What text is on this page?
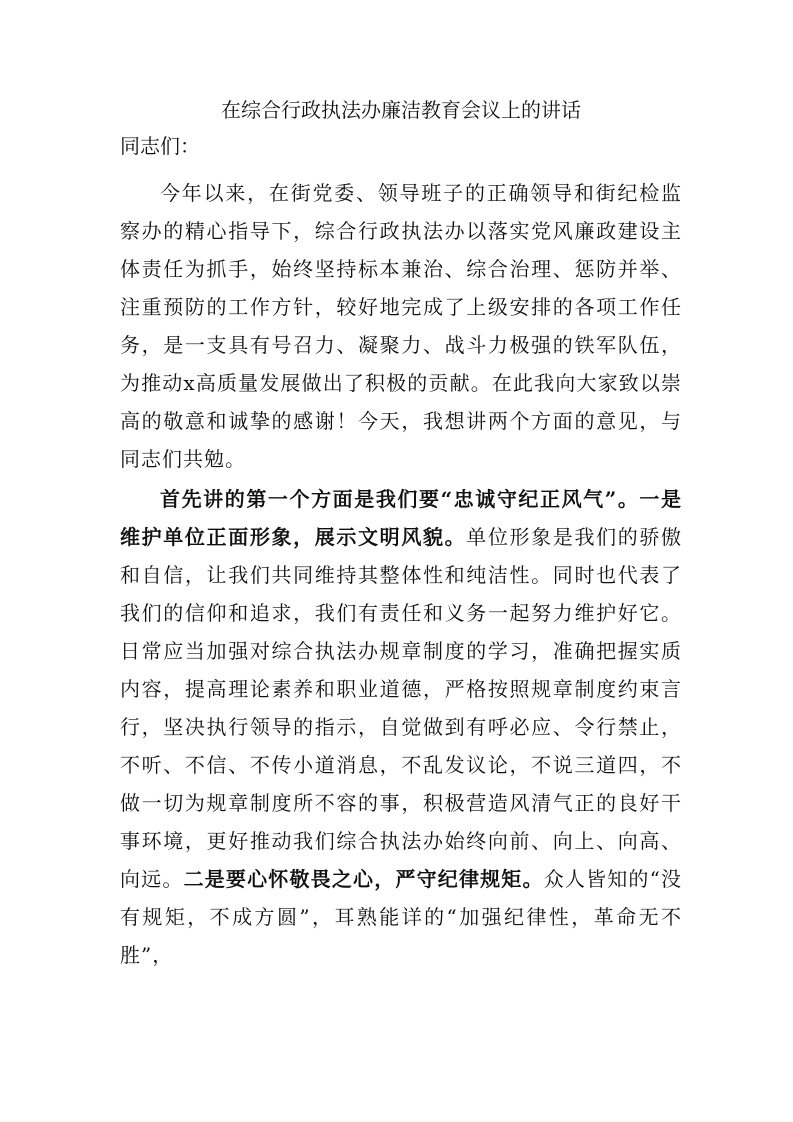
在综合行政执法办廉洁教育会议上的讲话

同志们：

今年以来，在街党委、领导班子的正确领导和街纪检监察办的精心指导下，综合行政执法办以落实党风廉政建设主体责任为抓手，始终坚持标本兼治、综合治理、惩防并举、注重预防的工作方针，较好地完成了上级安排的各项工作任务，是一支具有号召力、凝聚力、战斗力极强的铁军队伍，为推动x高质量发展做出了积极的贡献。在此我向大家致以崇高的敬意和诚挚的感谢！今天，我想讲两个方面的意见，与同志们共勉。

首先讲的第一个方面是我们要“忠诚守纪正风气”。一是维护单位正面形象，展示文明风貌。单位形象是我们的骄傲和自信，让我们共同维持其整体性和纯洁性。同时也代表了我们的信仰和追求，我们有责任和义务一起努力维护好它。日常应当加强对综合执法办规章制度的学习，准确把握实质内容，提高理论素养和职业道德，严格按照规章制度约束言行，坚决执行领导的指示，自觉做到有呼必应、令行禁止，不听、不信、不传小道消息，不乱发议论，不说三道四，不做一切为规章制度所不容的事，积极营造风清气正的良好干事环境，更好推动我们综合执法办始终向前、向上、向高、向远。二是要心怀敬畏之心，严守纪律规矩。众人皆知的“没有规矩，不成方圆”，耳熟能详的“加强纪律性，革命无不胜”，
